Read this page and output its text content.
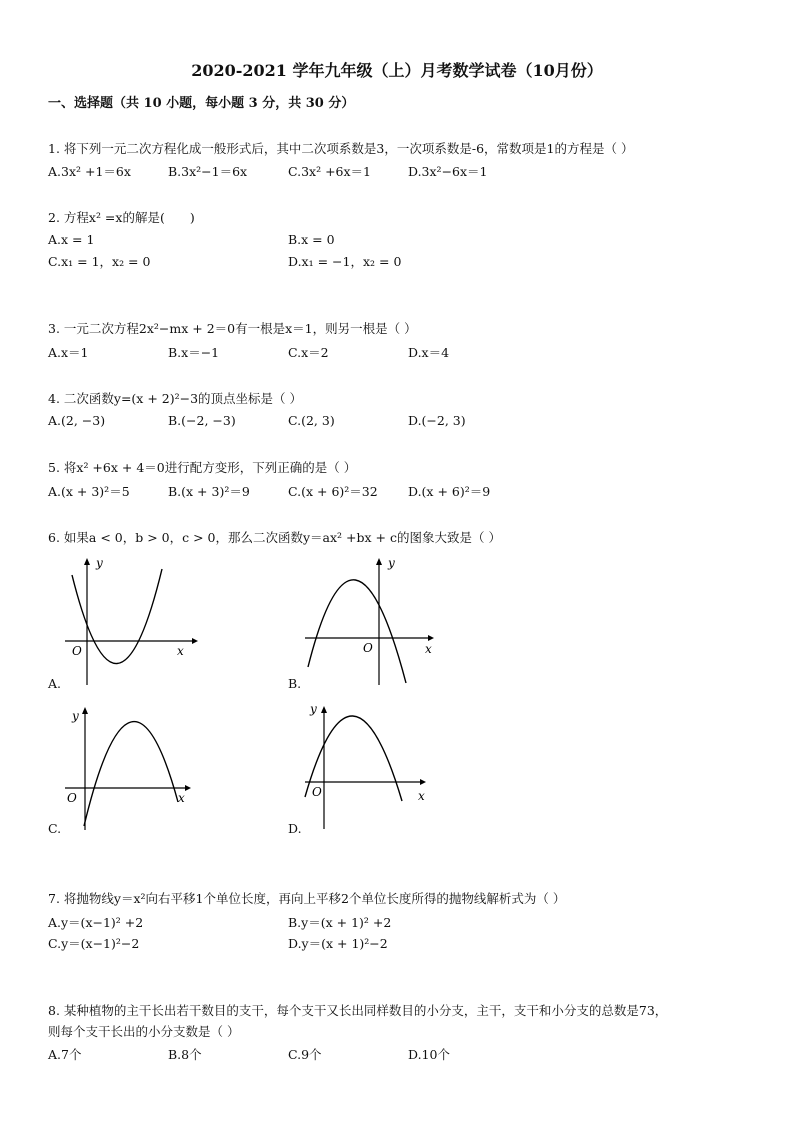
2020-2021 学年九年级（上）月考数学试卷（10月份）
一、选择题（共 10 小题，每小题 3 分，共 30 分）
1. 将下列一元二次方程化成一般形式后，其中二次项系数是3，一次项系数是-6，常数项是1的方程是（ ）
A.3x² +1＝6x	B.3x²−1＝6x	C.3x² +6x＝1	D.3x²−6x＝1
2. 方程x² =x的解是(　　)
A.x = 1	B.x = 0
C.x₁ = 1，x₂ = 0	D.x₁ = −1，x₂ = 0
3. 一元二次方程2x²−mx + 2＝0有一根是x＝1，则另一根是（ ）
A.x＝1	B.x＝−1	C.x＝2	D.x＝4
4. 二次函数y=(x + 2)²−3的顶点坐标是（ ）
A.(2, −3)	B.(−2, −3)	C.(2, 3)	D.(−2, 3)
5. 将x² +6x + 4＝0进行配方变形，下列正确的是（ ）
A.(x + 3)²＝5	B.(x + 3)²＝9	C.(x + 6)²＝32 D.(x + 6)²＝9
6. 如果a < 0，b > 0，c > 0，那么二次函数y＝ax² +bx + c的图象大致是（ ）
y
x
O
A.
y
x
O
B.
y
x
O
C.
y
x
O
D.
7. 将抛物线y＝x²向右平移1个单位长度，再向上平移2个单位长度所得的抛物线解析式为（ ）
A.y＝(x−1)² +2	B.y＝(x + 1)² +2
C.y＝(x−1)²−2	D.y＝(x + 1)²−2
8. 某种植物的主干长出若干数目的支干，每个支干又长出同样数目的小分支，主干，支干和小分支的总数是73，
则每个支干长出的小分支数是（ ）
A.7个	B.8个	C.9个	D.10个
